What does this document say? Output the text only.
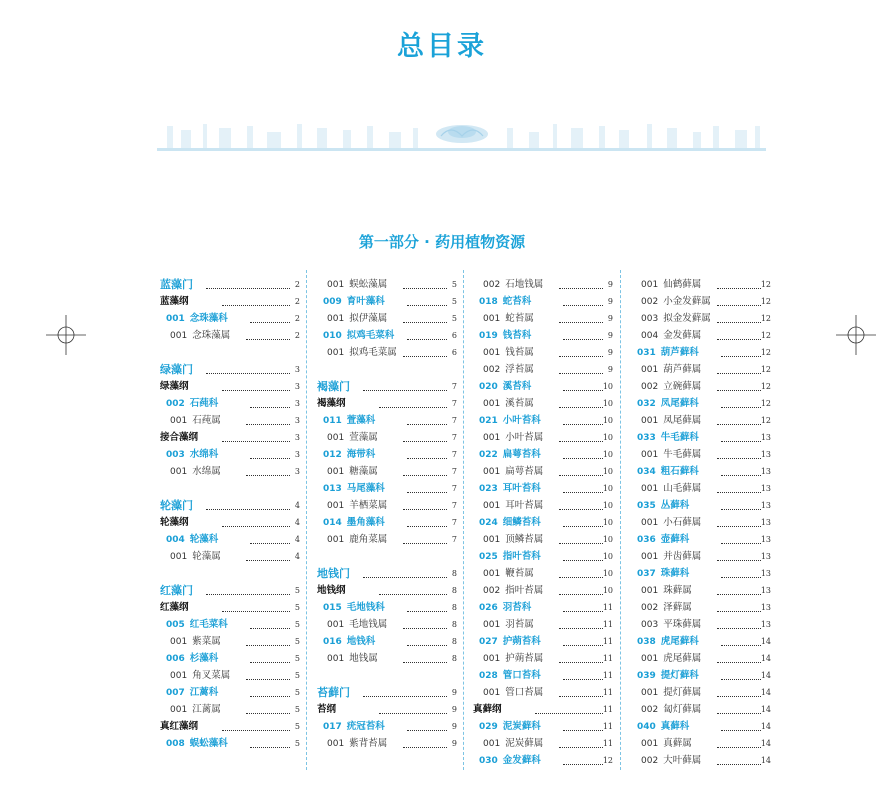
总目录
第一部分 · 药用植物资源
蓝藻门	2
蓝藻纲	2
001 念珠藻科	2
001 念珠藻属	2
绿藻门	3
绿藻纲	3
002 石莼科	3
001 石莼属	3
接合藻纲	3
003 水绵科	3
001 水绵属	3
轮藻门	4
轮藻纲	4
004 轮藻科	4
001 轮藻属	4
红藻门	5
红藻纲	5
005 红毛菜科	5
001 紫菜属	5
006 杉藻科	5
001 角叉菜属	5
007 江蓠科	5
001 江蓠属	5
真红藻纲	5
008 蜈蚣藻科	5
001 蜈蚣藻属	5
009 育叶藻科	5
001 拟伊藻属	5
010 拟鸡毛菜科	6
001 拟鸡毛菜属	6
褐藻门	7
褐藻纲	7
011 萱藻科	7
001 萱藻属	7
012 海带科	7
001 糖藻属	7
013 马尾藻科	7
001 羊栖菜属	7
014 墨角藻科	7
001 鹿角菜属	7
地钱门	8
地钱纲	8
015 毛地钱科	8
001 毛地钱属	8
016 地钱科	8
001 地钱属	8
苔藓门	9
苔纲	9
017 疣冠苔科	9
001 紫背苔属	9
002 石地钱属	9
018 蛇苔科	9
001 蛇苔属	9
019 钱苔科	9
001 钱苔属	9
002 浮苔属	9
020 溪苔科	10
001 溪苔属	10
021 小叶苔科	10
001 小叶苔属	10
022 扁萼苔科	10
001 扁萼苔属	10
023 耳叶苔科	10
001 耳叶苔属	10
024 细鳞苔科	10
001 顶鳞苔属	10
025 指叶苔科	10
001 鞭苔属	10
002 指叶苔属	10
026 羽苔科	11
001 羽苔属	11
027 护蒴苔科	11
001 护蒴苔属	11
028 管口苔科	11
001 管口苔属	11
真藓纲	11
029 泥炭藓科	11
001 泥炭藓属	11
030 金发藓科	12
001 仙鹤藓属	12
002 小金发藓属	12
003 拟金发藓属	12
004 金发藓属	12
031 葫芦藓科	12
001 葫芦藓属	12
002 立碗藓属	12
032 凤尾藓科	12
001 凤尾藓属	12
033 牛毛藓科	13
001 牛毛藓属	13
034 粗石藓科	13
001 山毛藓属	13
035 丛藓科	13
001 小石藓属	13
036 壶藓科	13
001 并齿藓属	13
037 珠藓科	13
001 珠藓属	13
002 泽藓属	13
003 平珠藓属	13
038 虎尾藓科	14
001 虎尾藓属	14
039 提灯藓科	14
001 提灯藓属	14
002 匐灯藓属	14
040 真藓科	14
001 真藓属	14
002 大叶藓属	14
